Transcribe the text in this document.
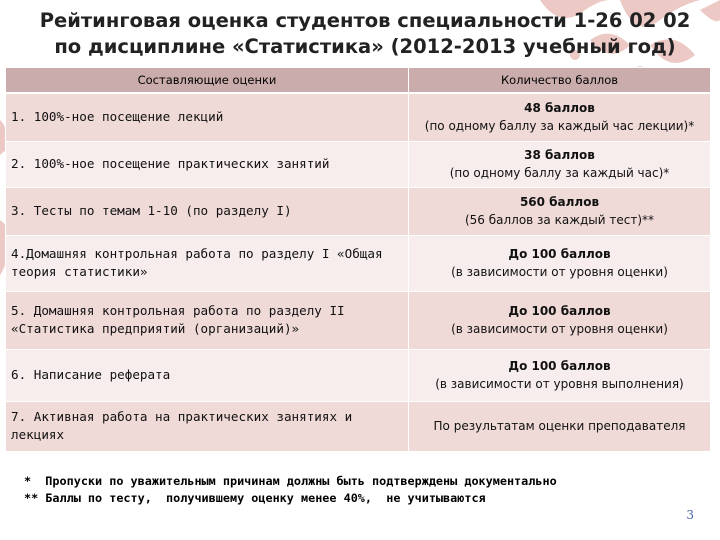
Рейтинговая оценка студентов специальности 1-26 02 02
по дисциплине «Статистика» (2012-2013 учебный год)
Составляющие оценки	Количество баллов
1. 100%-ное посещение лекций	48 баллов
(по одному баллу за каждый час лекции)*

2. 100%-ное посещение практических занятий	38 баллов
(по одному баллу за каждый час)*

3. Тесты по темам 1-10 (по разделу I)	560 баллов
(56 баллов за каждый тест)**

4.Домашняя контрольная работа по разделу I «Общая теория статистики»	До 100 баллов
(в зависимости от уровня оценки)

5. Домашняя контрольная работа по разделу II «Статистика предприятий (организаций)»	До 100 баллов
(в зависимости от уровня оценки)

6. Написание реферата	До 100 баллов
(в зависимости от уровня выполнения)

7. Активная работа на практических занятиях и лекциях	По результатам оценки преподавателя
*  Пропуски по уважительным причинам должны быть подтверждены документально
** Баллы по тесту,  получившему оценку менее 40%,  не учитываются
3
